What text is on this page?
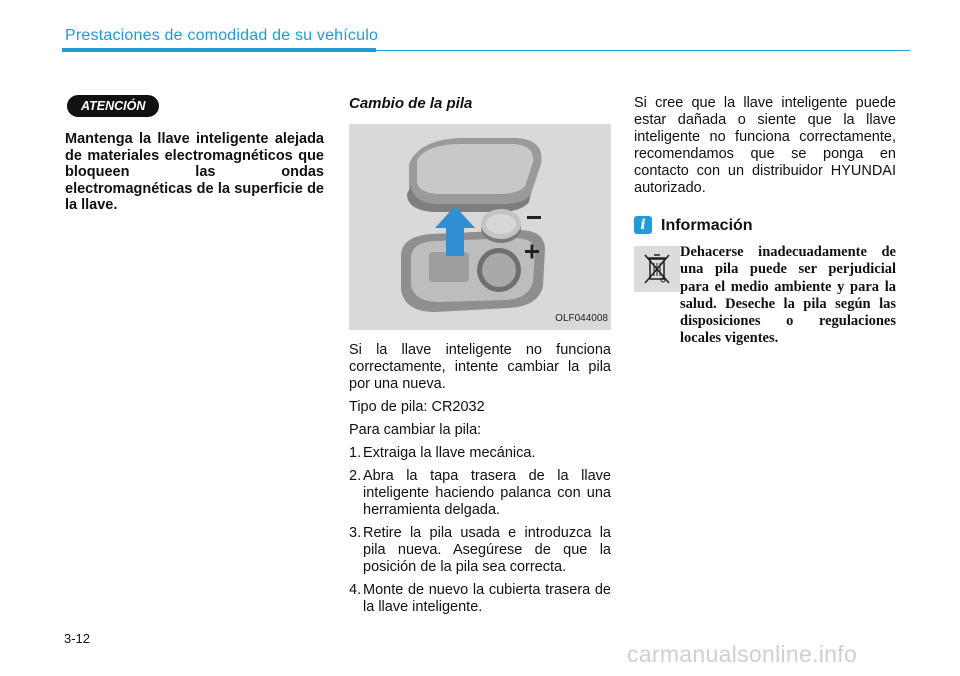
Prestaciones de comodidad de su vehículo
ATENCIÓN

Mantenga la llave inteligente alejada de materiales electromagnéticos que bloqueen las ondas electromagnéticas de la superficie de la llave.

Cambio de la pila
OLF044008

Si la llave inteligente no funciona correctamente, intente cambiar la pila por una nueva.

Tipo de pila: CR2032

Para cambiar la pila:

1. Extraiga la llave mecánica.
2. Abra la tapa trasera de la llave inteligente haciendo palanca con una herramienta delgada.
3. Retire la pila usada e introduzca la pila nueva. Asegúrese de que la posición de la pila sea correcta.
4. Monte de nuevo la cubierta trasera de la llave inteligente.

Si cree que la llave inteligente puede estar dañada o siente que la llave inteligente no funciona correctamente, recomendamos que se ponga en contacto con un distribuidor HYUNDAI autorizado.

i Información

Dehacerse inadecuadamente de una pila puede ser perjudicial para el medio ambiente y para la salud. Deseche la pila según las disposiciones o regulaciones locales vigentes.

3-12
carmanualsonline.info
